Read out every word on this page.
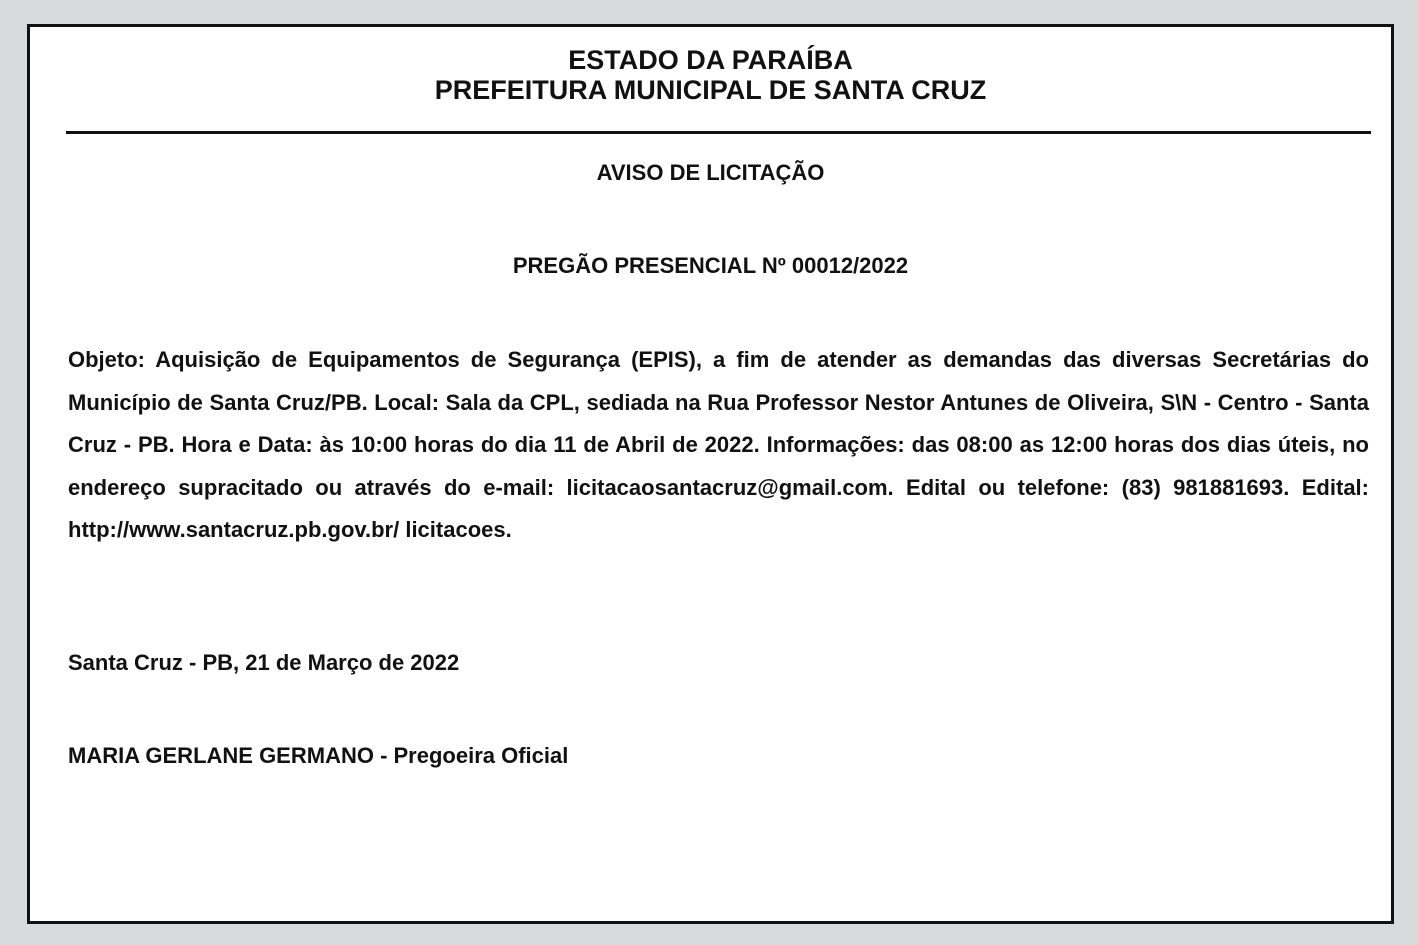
ESTADO DA PARAÍBA
PREFEITURA MUNICIPAL DE SANTA CRUZ
AVISO DE LICITAÇÃO
PREGÃO PRESENCIAL Nº 00012/2022
Objeto: Aquisição de Equipamentos de Segurança (EPIS), a fim de atender as demandas das diversas Secretárias do Município de Santa Cruz/PB. Local: Sala da CPL, sediada na Rua Professor Nestor Antunes de Oliveira, S\N - Centro - Santa Cruz - PB. Hora e Data: às 10:00 horas do dia 11 de Abril de 2022. Informações: das 08:00 as 12:00 horas dos dias úteis, no endereço supracitado ou através do e-mail: licitacaosantacruz@gmail.com. Edital ou telefone: (83) 981881693. Edital: http://www.santacruz.pb.gov.br/ licitacoes.
Santa Cruz - PB, 21 de Março de 2022
MARIA GERLANE GERMANO - Pregoeira Oficial
